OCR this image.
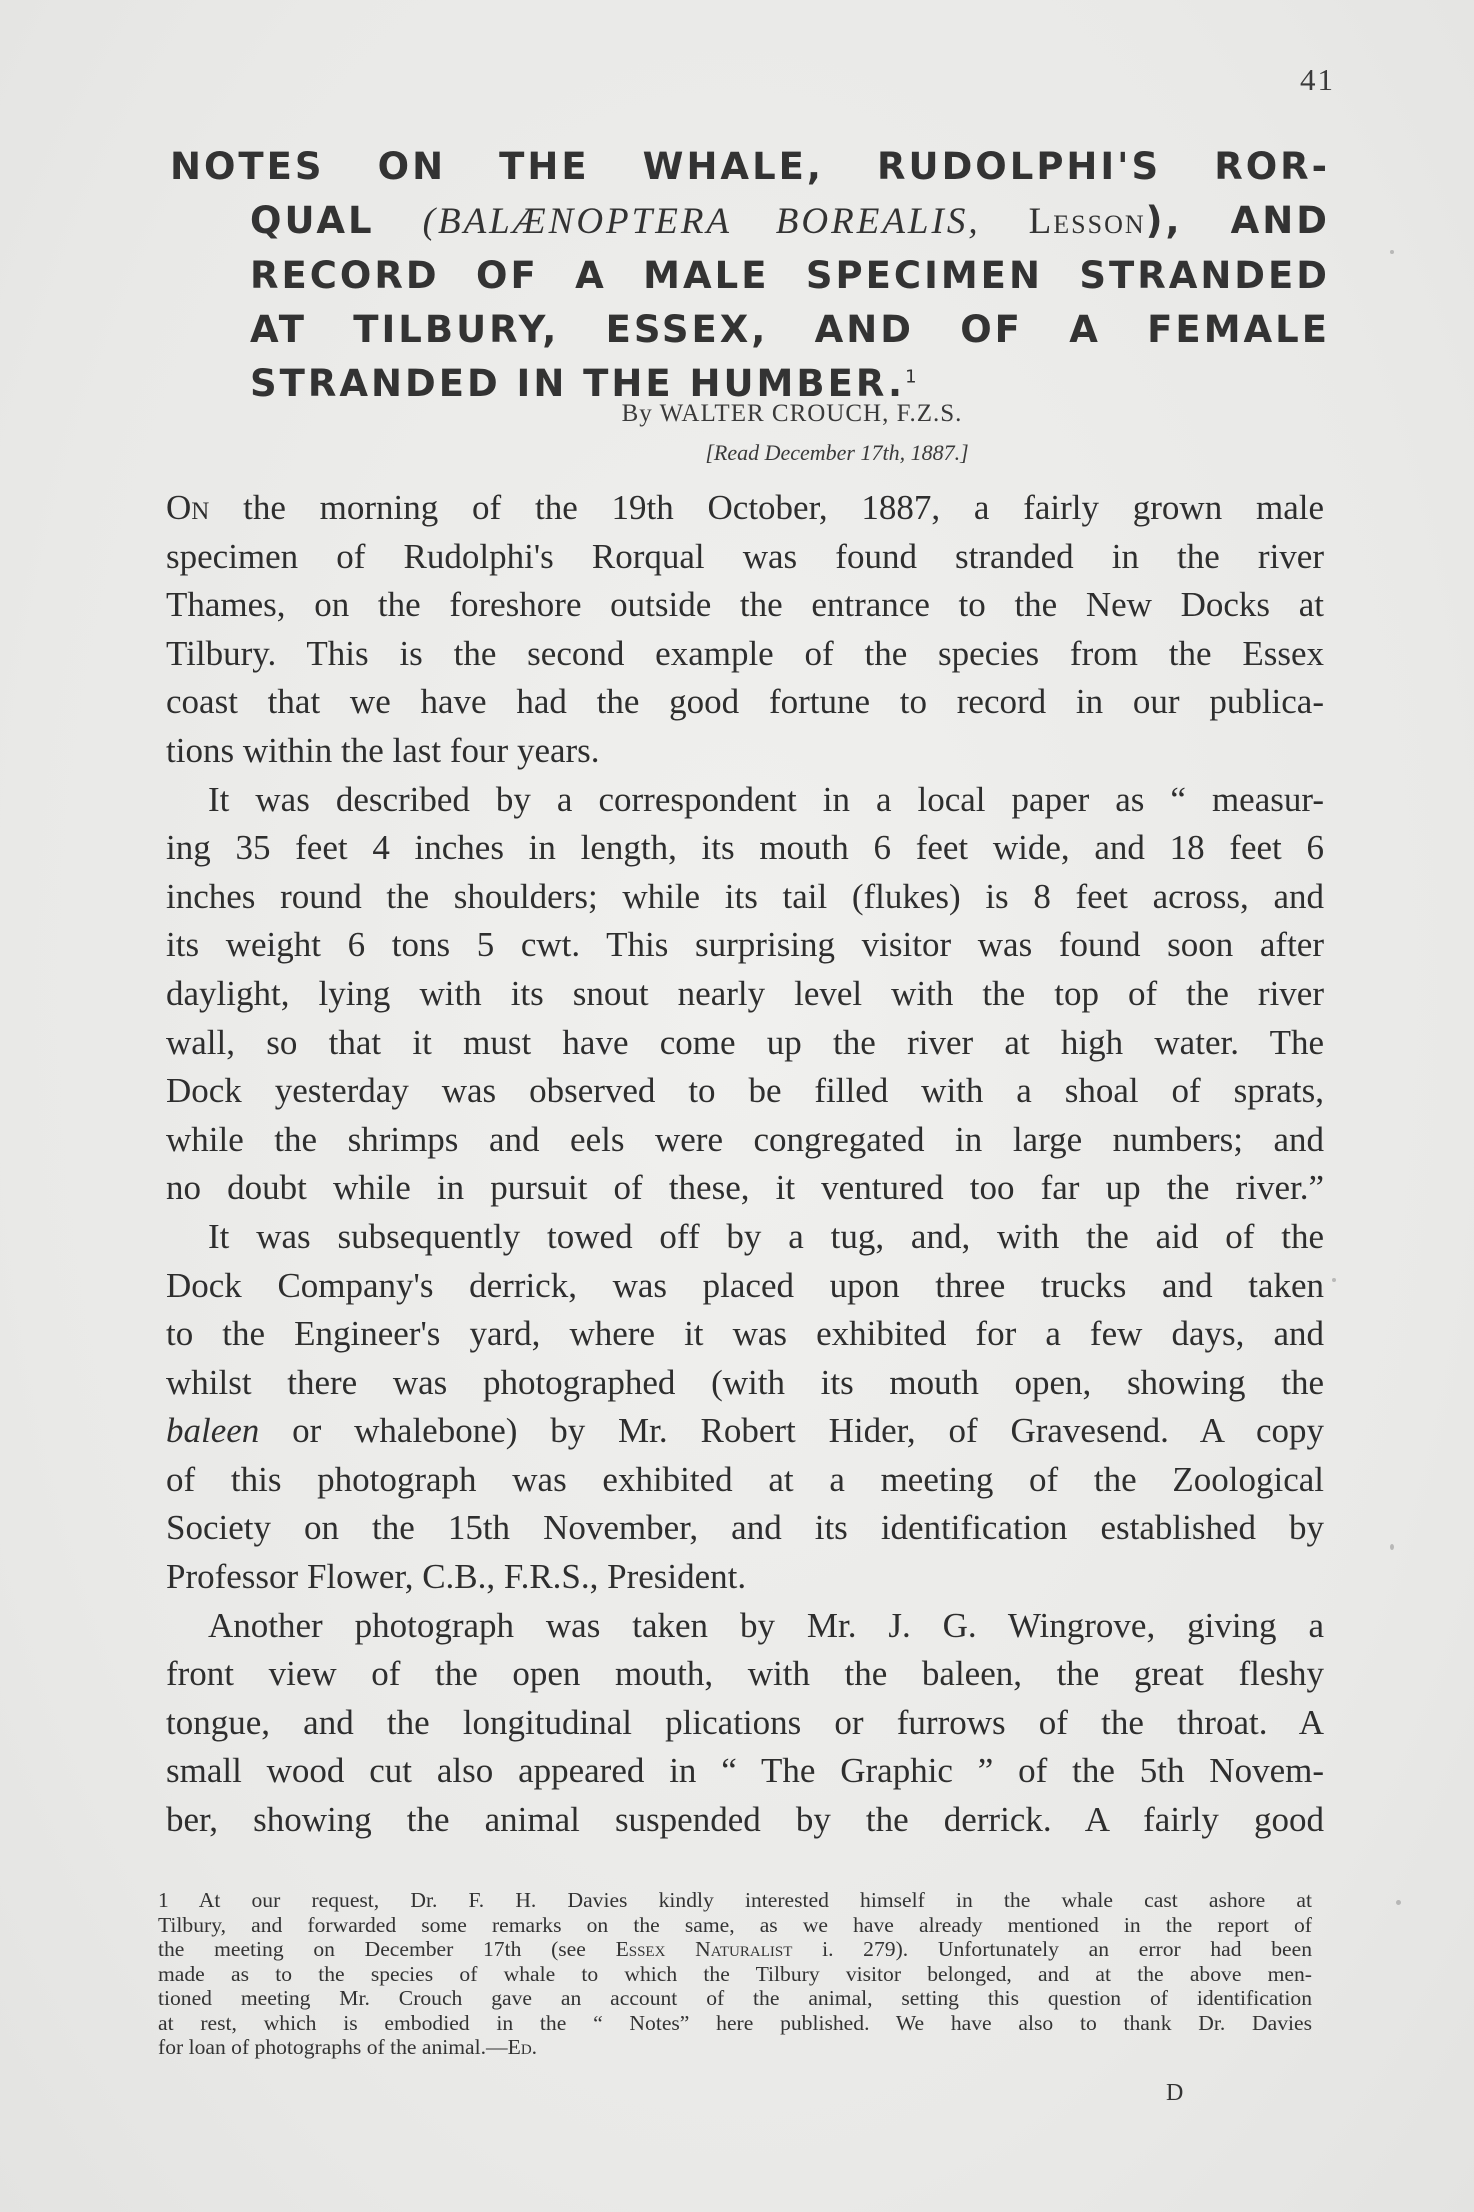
41
NOTES ON THE WHALE, RUDOLPHI'S ROR-
QUAL (BALÆNOPTERA BOREALIS, Lesson), AND
RECORD OF A MALE SPECIMEN STRANDED
AT TILBURY, ESSEX, AND OF A FEMALE
STRANDED IN THE HUMBER.$^1$
By WALTER CROUCH, F.Z.S.
[Read December 17th, 1887.]

On the morning of the 19th October, 1887, a fairly grown male

specimen of Rudolphi's Rorqual was found stranded in the river

Thames, on the foreshore outside the entrance to the New Docks at

Tilbury. This is the second example of the species from the Essex

coast that we have had the good fortune to record in our publica-

tions within the last four years.

It was described by a correspondent in a local paper as “ measur-

ing 35 feet 4 inches in length, its mouth 6 feet wide, and 18 feet 6

inches round the shoulders; while its tail (flukes) is 8 feet across, and

its weight 6 tons 5 cwt. This surprising visitor was found soon after

daylight, lying with its snout nearly level with the top of the river

wall, so that it must have come up the river at high water. The

Dock yesterday was observed to be filled with a shoal of sprats,

while the shrimps and eels were congregated in large numbers; and

no doubt while in pursuit of these, it ventured too far up the river.”

It was subsequently towed off by a tug, and, with the aid of the

Dock Company's derrick, was placed upon three trucks and taken

to the Engineer's yard, where it was exhibited for a few days, and

whilst there was photographed (with its mouth open, showing the

baleen or whalebone) by Mr. Robert Hider, of Gravesend. A copy

of this photograph was exhibited at a meeting of the Zoological

Society on the 15th November, and its identification established by

Professor Flower, C.B., F.R.S., President.

Another photograph was taken by Mr. J. G. Wingrove, giving a

front view of the open mouth, with the baleen, the great fleshy

tongue, and the longitudinal plications or furrows of the throat. A

small wood cut also appeared in “ The Graphic ” of the 5th Novem-

ber, showing the animal suspended by the derrick. A fairly good

1 At our request, Dr. F. H. Davies kindly interested himself in the whale cast ashore at

Tilbury, and forwarded some remarks on the same, as we have already mentioned in the report of

the meeting on December 17th (see Essex Naturalist i. 279). Unfortunately an error had been

made as to the species of whale to which the Tilbury visitor belonged, and at the above men-

tioned meeting Mr. Crouch gave an account of the animal, setting this question of identification

at rest, which is embodied in the “ Notes” here published. We have also to thank Dr. Davies

for loan of photographs of the animal.—Ed.

D
